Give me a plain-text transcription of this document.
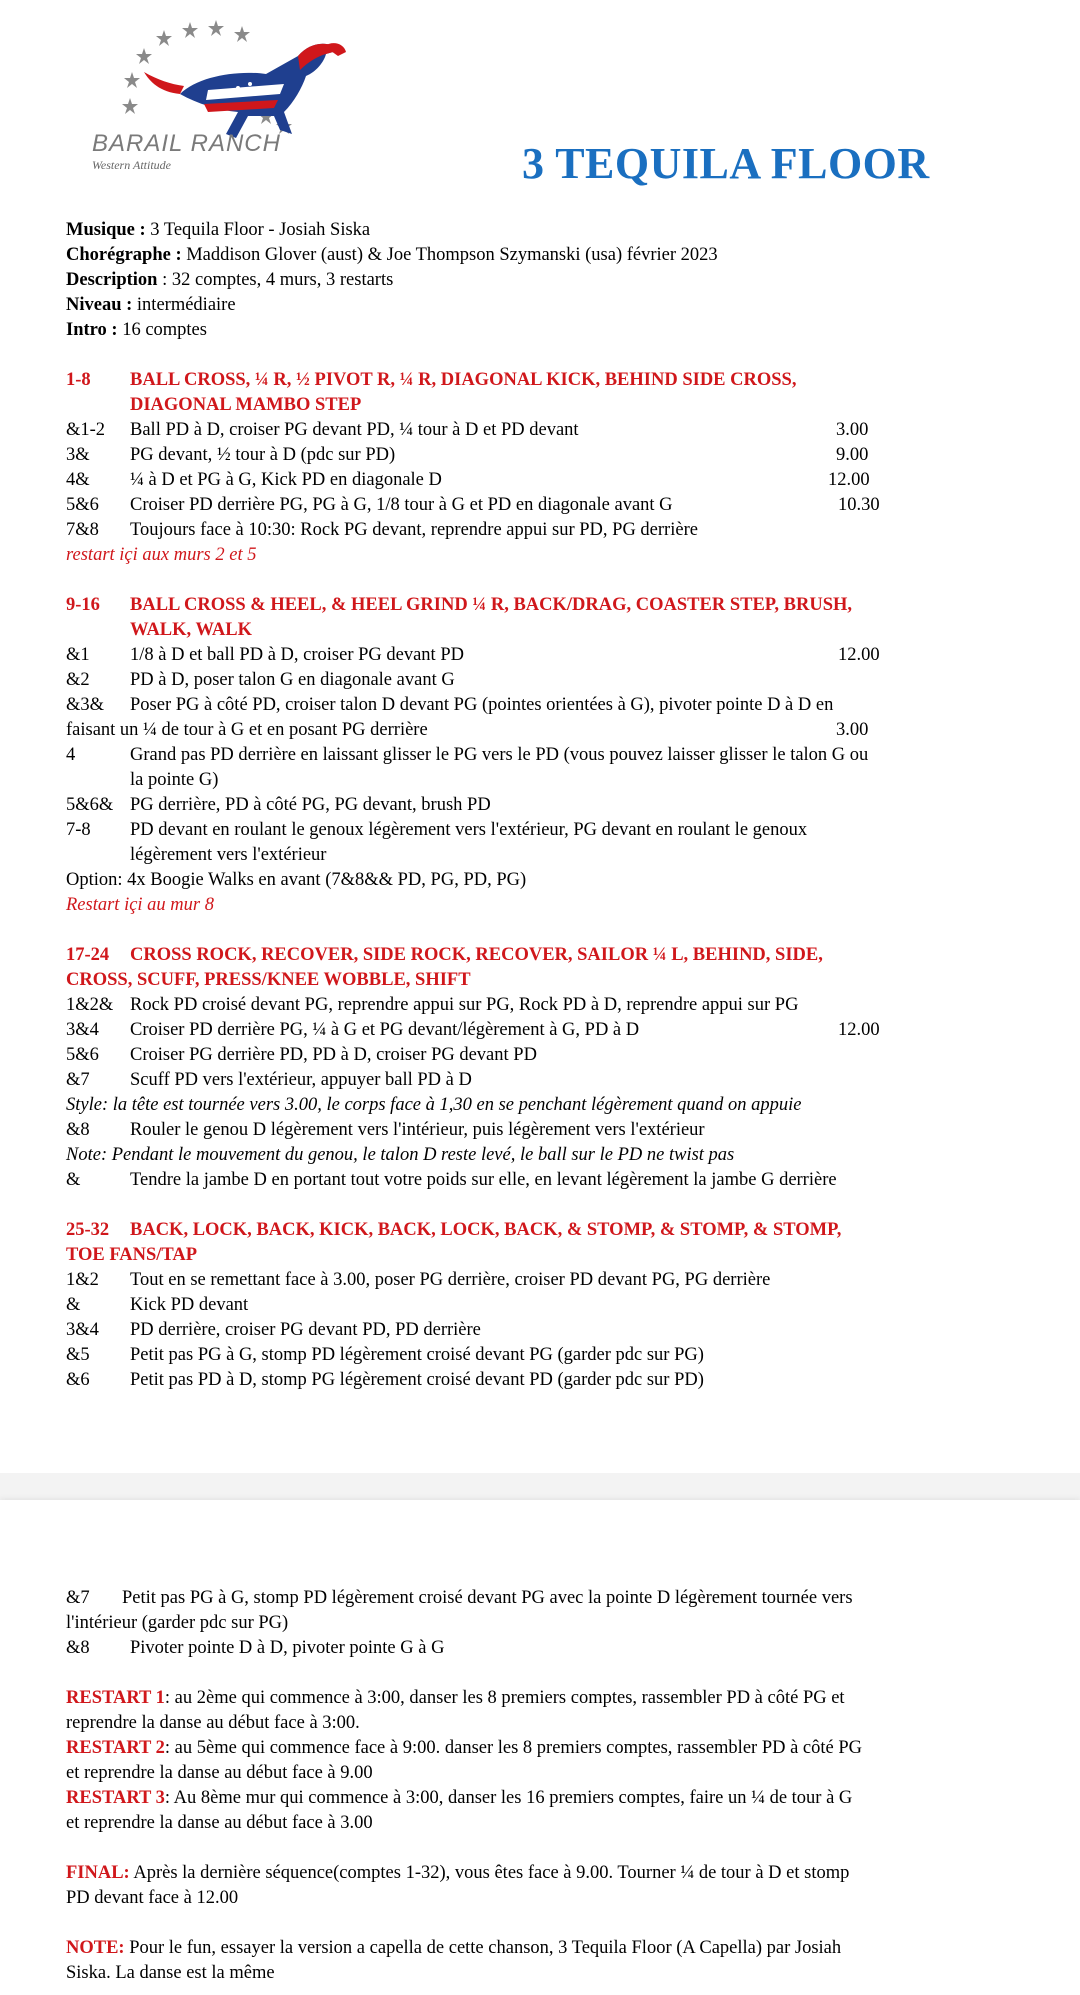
BARAIL RANCH
Western Attitude	3 TEQUILA FLOOR
Musique : 3 Tequila Floor - Josiah Siska
Chorégraphe : Maddison Glover (aust) & Joe Thompson Szymanski (usa) février 2023
Description : 32 comptes, 4 murs, 3 restarts
Niveau : intermédiaire
Intro : 16 comptes
1-8 BALL CROSS, ¼ R, ½ PIVOT R, ¼ R, DIAGONAL KICK, BEHIND SIDE CROSS,
DIAGONAL MAMBO STEP
&1-2 Ball PD à D, croiser PG devant PD, ¼ tour à D et PD devant	3.00
3& PG devant, ½ tour à D (pdc sur PD)	9.00
4& ¼ à D et PG à G, Kick PD en diagonale D	12.00
5&6 Croiser PD derrière PG, PG à G, 1/8 tour à G et PD en diagonale avant G	10.30
7&8 Toujours face à 10:30: Rock PG devant, reprendre appui sur PD, PG derrière
restart içi aux murs 2 et 5
9-16 BALL CROSS & HEEL, & HEEL GRIND ¼ R, BACK/DRAG, COASTER STEP, BRUSH,
WALK, WALK
&1 1/8 à D et ball PD à D, croiser PG devant PD	12.00
&2 PD à D, poser talon G en diagonale avant G
&3& Poser PG à côté PD, croiser talon D devant PG (pointes orientées à G), pivoter pointe D à D en
faisant un ¼ de tour à G et en posant PG derrière	3.00
4	Grand pas PD derrière en laissant glisser le PG vers le PD (vous pouvez laisser glisser le talon G ou
la pointe G)
5&6& PG derrière, PD à côté PG, PG devant, brush PD
7-8 PD devant en roulant le genoux légèrement vers l'extérieur, PG devant en roulant le genoux
légèrement vers l'extérieur
Option: 4x Boogie Walks en avant (7&8&& PD, PG, PD, PG)
Restart içi au mur 8
17-24 CROSS ROCK, RECOVER, SIDE ROCK, RECOVER, SAILOR ¼ L, BEHIND, SIDE,
CROSS, SCUFF, PRESS/KNEE WOBBLE, SHIFT
1&2& Rock PD croisé devant PG, reprendre appui sur PG, Rock PD à D, reprendre appui sur PG
3&4 Croiser PD derrière PG, ¼ à G et PG devant/légèrement à G, PD à D	12.00
5&6 Croiser PG derrière PD, PD à D, croiser PG devant PD
&7 Scuff PD vers l'extérieur, appuyer ball PD à D
Style: la tête est tournée vers 3.00, le corps face à 1,30 en se penchant légèrement quand on appuie
&8 Rouler le genou D légèrement vers l'intérieur, puis légèrement vers l'extérieur
Note: Pendant le mouvement du genou, le talon D reste levé, le ball sur le PD ne twist pas
&	Tendre la jambe D en portant tout votre poids sur elle, en levant légèrement la jambe G derrière
25-32 BACK, LOCK, BACK, KICK, BACK, LOCK, BACK, & STOMP, & STOMP, & STOMP,
TOE FANS/TAP
1&2 Tout en se remettant face à 3.00, poser PG derrière, croiser PD devant PG, PG derrière
&	Kick PD devant
3&4 PD derrière, croiser PG devant PD, PD derrière
&5 Petit pas PG à G, stomp PD légèrement croisé devant PG (garder pdc sur PG)
&6 Petit pas PD à D, stomp PG légèrement croisé devant PD (garder pdc sur PD)
&7 Petit pas PG à G, stomp PD légèrement croisé devant PG avec la pointe D légèrement tournée vers
l'intérieur (garder pdc sur PG)
&8 Pivoter pointe D à D, pivoter pointe G à G
RESTART 1: au 2ème qui commence à 3:00, danser les 8 premiers comptes, rassembler PD à côté PG et
reprendre la danse au début face à 3:00.
RESTART 2: au 5ème qui commence face à 9:00. danser les 8 premiers comptes, rassembler PD à côté PG
et reprendre la danse au début face à 9.00
RESTART 3: Au 8ème mur qui commence à 3:00, danser les 16 premiers comptes, faire un ¼ de tour à G
et reprendre la danse au début face à 3.00
FINAL: Après la dernière séquence(comptes 1-32), vous êtes face à 9.00. Tourner ¼ de tour à D et stomp
PD devant face à 12.00
NOTE: Pour le fun, essayer la version a capella de cette chanson, 3 Tequila Floor (A Capella) par Josiah
Siska. La danse est la même
